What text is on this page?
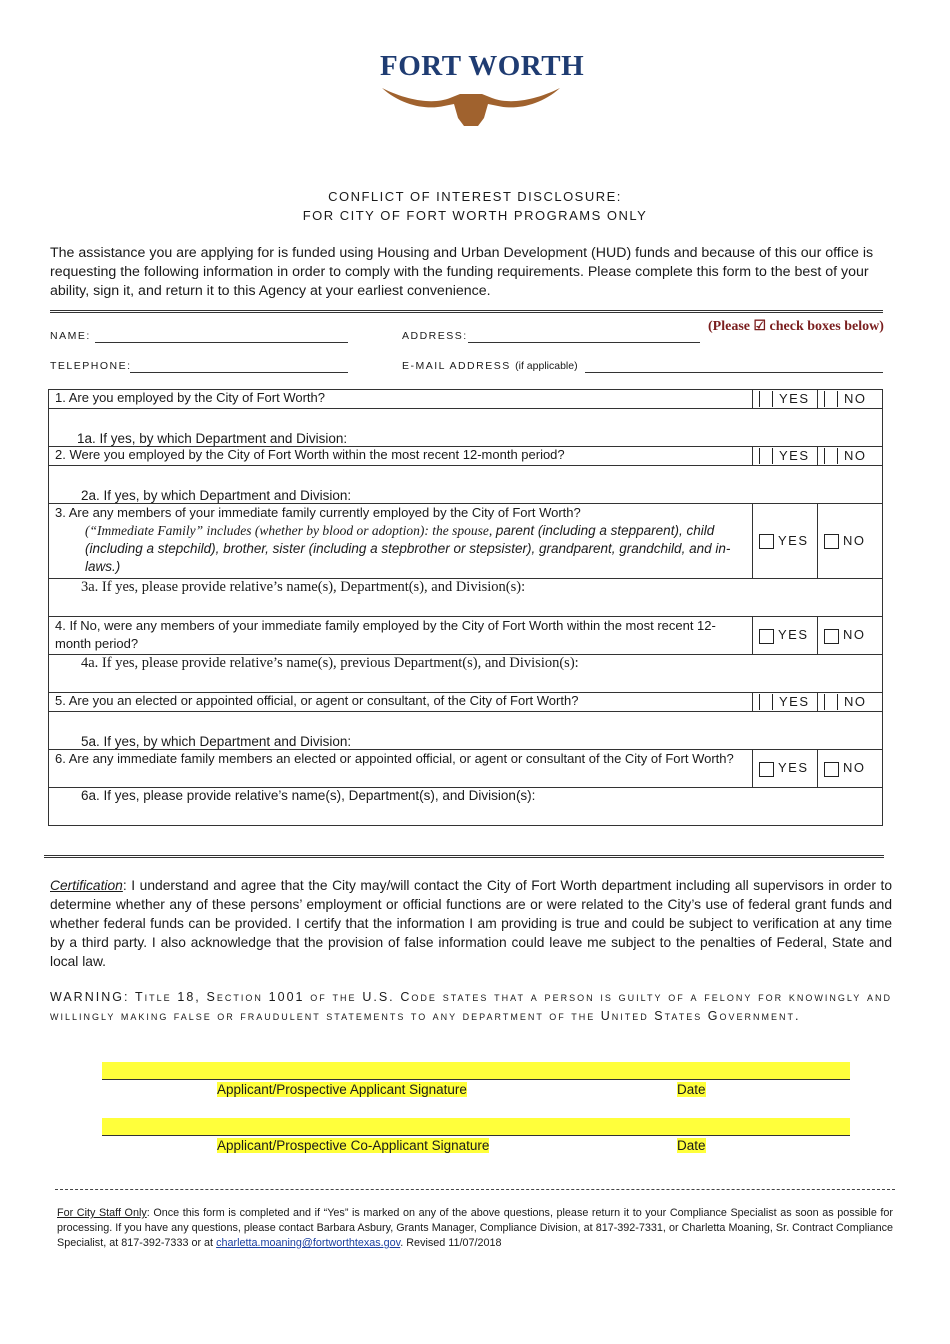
FORT WORTH
CONFLICT OF INTEREST DISCLOSURE:
FOR CITY OF FORT WORTH PROGRAMS ONLY
The assistance you are applying for is funded using Housing and Urban Development (HUD) funds and because of this our office is requesting the following information in order to comply with the funding requirements. Please complete this form to the best of your ability, sign it, and return it to this Agency at your earliest convenience.
(Please ☑ check boxes below)
NAME:	ADDRESS:
TELEPHONE:	E-MAIL ADDRESS (if applicable)
1. Are you employed by the City of Fort Worth?	YES	NO
1a. If yes, by which Department and Division:		
2. Were you employed by the City of Fort Worth within the most recent 12-month period?	YES	NO
2a. If yes, by which Department and Division:		

3. Are any members of your immediate family currently employed by the City of Fort Worth?
(“Immediate Family” includes (whether by blood or adoption): the spouse, parent (including a stepparent), child (including a stepchild), brother, sister (including a stepbrother or stepsister), grandparent, grandchild, and in-laws.)	YES	NO
3a. If yes, please provide relative’s name(s), Department(s), and Division(s):		
4. If No, were any members of your immediate family employed by the City of Fort Worth within the most recent 12-month period?	YES	NO
4a. If yes, please provide relative’s name(s), previous Department(s), and Division(s):		
5. Are you an elected or appointed official, or agent or consultant, of the City of Fort Worth?	YES	NO
5a. If yes, by which Department and Division:		
6. Are any immediate family members an elected or appointed official, or agent or consultant of the City of Fort Worth?	YES	NO
6a. If yes, please provide relative’s name(s), Department(s), and Division(s):		
Certification: I understand and agree that the City may/will contact the City of Fort Worth department including all supervisors in order to determine whether any of these persons’ employment or official functions are or were related to the City’s use of federal grant funds and whether federal funds can be provided. I certify that the information I am providing is true and could be subject to verification at any time by a third party. I also acknowledge that the provision of false information could leave me subject to the penalties of Federal, State and local law.
WARNING: Title 18, Section 1001 of the U.S. Code states that a person is guilty of a felony for knowingly and willingly making false or fraudulent statements to any department of the United States Government.
Applicant/Prospective Applicant Signature	Date
Applicant/Prospective Co-Applicant Signature	Date
For City Staff Only: Once this form is completed and if “Yes” is marked on any of the above questions, please return it to your Compliance Specialist as soon as possible for processing. If you have any questions, please contact Barbara Asbury, Grants Manager, Compliance Division, at 817-392-7331, or Charletta Moaning, Sr. Contract Compliance Specialist, at 817-392-7333 or at charletta.moaning@fortworthtexas.gov. Revised 11/07/2018
